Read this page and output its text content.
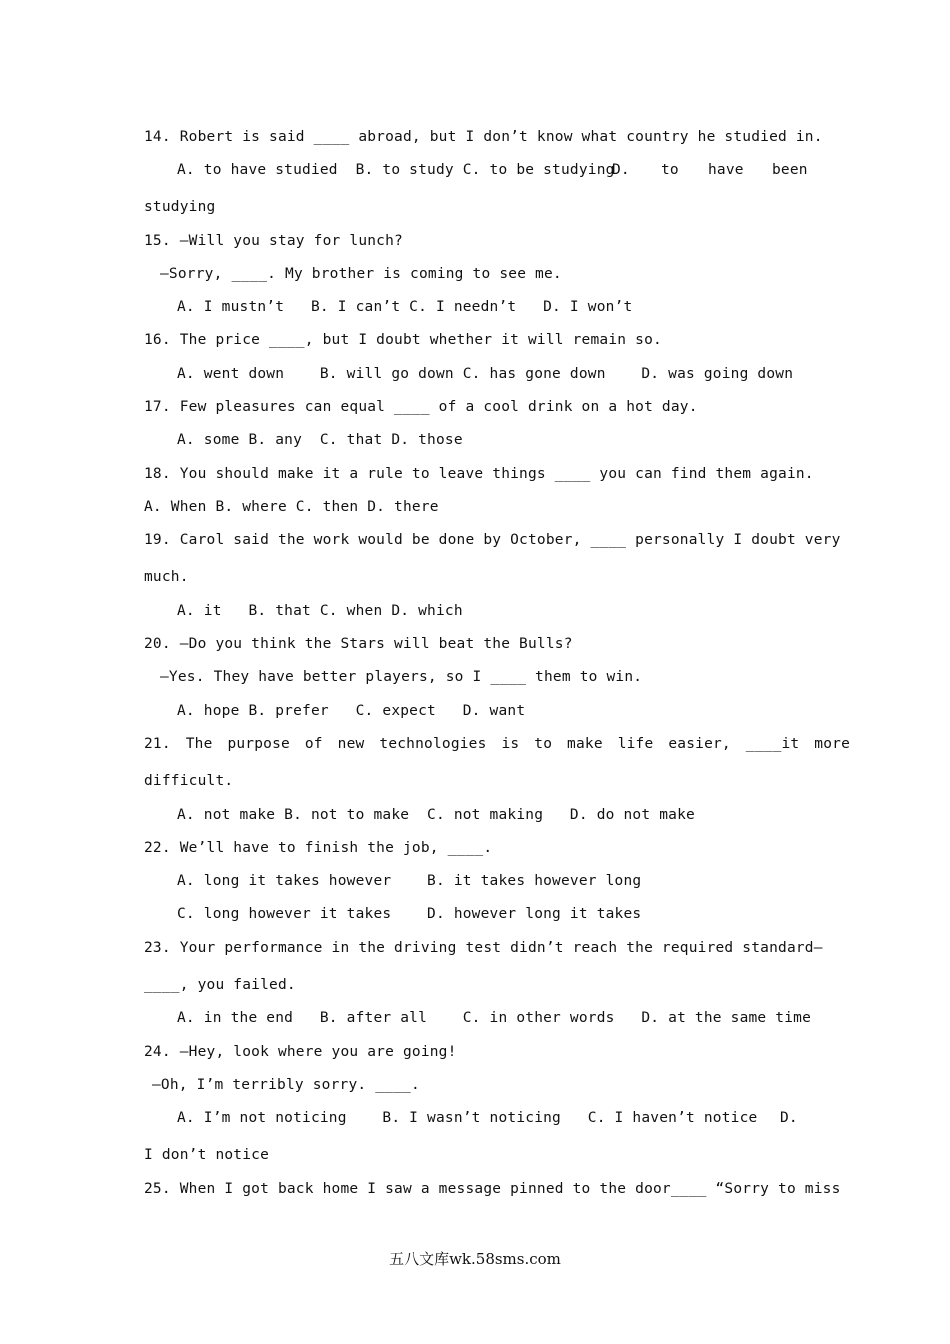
14. Robert is said ____ abroad, but I don’t know what country he studied in.
A. to have studied  B. to study C. to be studying
D. to have been
studying
15. —Will you stay for lunch?
—Sorry, ____. My brother is coming to see me.
A. I mustn’t   B. I can’t C. I needn’t   D. I won’t
16. The price ____, but I doubt whether it will remain so.
A. went down    B. will go down C. has gone down    D. was going down
17. Few pleasures can equal ____ of a cool drink on a hot day.
A. some B. any  C. that D. those
18. You should make it a rule to leave things ____ you can find them again.
A. When B. where C. then D. there
19. Carol said the work would be done by October, ____ personally I doubt very
much.
A. it   B. that C. when D. which
20. —Do you think the Stars will beat the Bulls?
—Yes. They have better players, so I ____ them to win.
A. hope B. prefer   C. expect   D. want
21. The purpose of new technologies is to make life easier, ____it more
difficult.
A. not make B. not to make  C. not making   D. do not make
22. We’ll have to finish the job, ____.
A. long it takes however    B. it takes however long
C. long however it takes    D. however long it takes
23. Your performance in the driving test didn’t reach the required standard—
____, you failed.
A. in the end   B. after all    C. in other words   D. at the same time
24. —Hey, look where you are going!
—Oh, I’m terribly sorry. ____.
A. I’m not noticing    B. I wasn’t noticing   C. I haven’t notice D.
I don’t notice
25. When I got back home I saw a message pinned to the door____ “Sorry to miss
五八文库wk.58sms.com
